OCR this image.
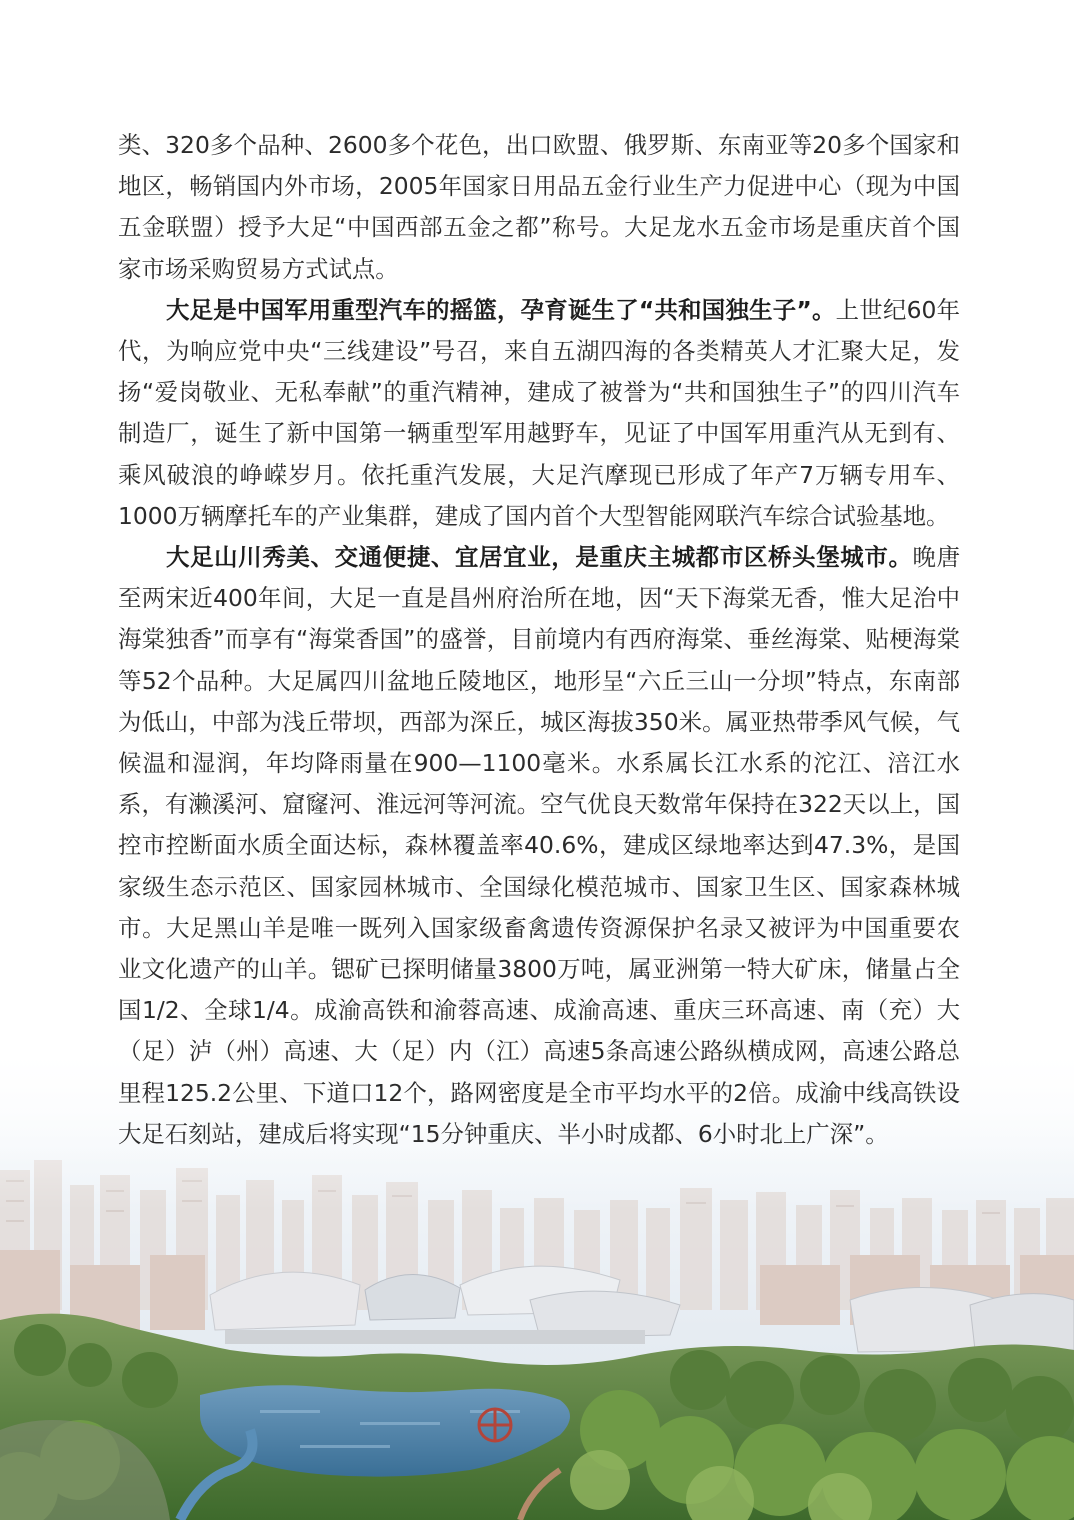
类、320多个品种、2600多个花色，出口欧盟、俄罗斯、东南亚等20多个国家和地区，畅销国内外市场，2005年国家日用品五金行业生产力促进中心（现为中国五金联盟）授予大足“中国西部五金之都”称号。大足龙水五金市场是重庆首个国家市场采购贸易方式试点。

大足是中国军用重型汽车的摇篮，孕育诞生了“共和国独生子”。上世纪60年代，为响应党中央“三线建设”号召，来自五湖四海的各类精英人才汇聚大足，发扬“爱岗敬业、无私奉献”的重汽精神，建成了被誉为“共和国独生子”的四川汽车制造厂，诞生了新中国第一辆重型军用越野车，见证了中国军用重汽从无到有、乘风破浪的峥嵘岁月。依托重汽发展，大足汽摩现已形成了年产7万辆专用车、1000万辆摩托车的产业集群，建成了国内首个大型智能网联汽车综合试验基地。

大足山川秀美、交通便捷、宜居宜业，是重庆主城都市区桥头堡城市。晚唐至两宋近400年间，大足一直是昌州府治所在地，因“天下海棠无香，惟大足治中海棠独香”而享有“海棠香国”的盛誉，目前境内有西府海棠、垂丝海棠、贴梗海棠等52个品种。大足属四川盆地丘陵地区，地形呈“六丘三山一分坝”特点，东南部为低山，中部为浅丘带坝，西部为深丘，城区海拔350米。属亚热带季风气候，气候温和湿润，年均降雨量在900—1100毫米。水系属长江水系的沱江、涪江水系，有濑溪河、窟窿河、淮远河等河流。空气优良天数常年保持在322天以上，国控市控断面水质全面达标，森林覆盖率40.6%，建成区绿地率达到47.3%，是国家级生态示范区、国家园林城市、全国绿化模范城市、国家卫生区、国家森林城市。大足黑山羊是唯一既列入国家级畜禽遗传资源保护名录又被评为中国重要农业文化遗产的山羊。锶矿已探明储量3800万吨，属亚洲第一特大矿床，储量占全国1/2、全球1/4。成渝高铁和渝蓉高速、成渝高速、重庆三环高速、南（充）大（足）泸（州）高速、大（足）内（江）高速5条高速公路纵横成网，高速公路总里程125.2公里、下道口12个，路网密度是全市平均水平的2倍。成渝中线高铁设大足石刻站，建成后将实现“15分钟重庆、半小时成都、6小时北上广深”。
